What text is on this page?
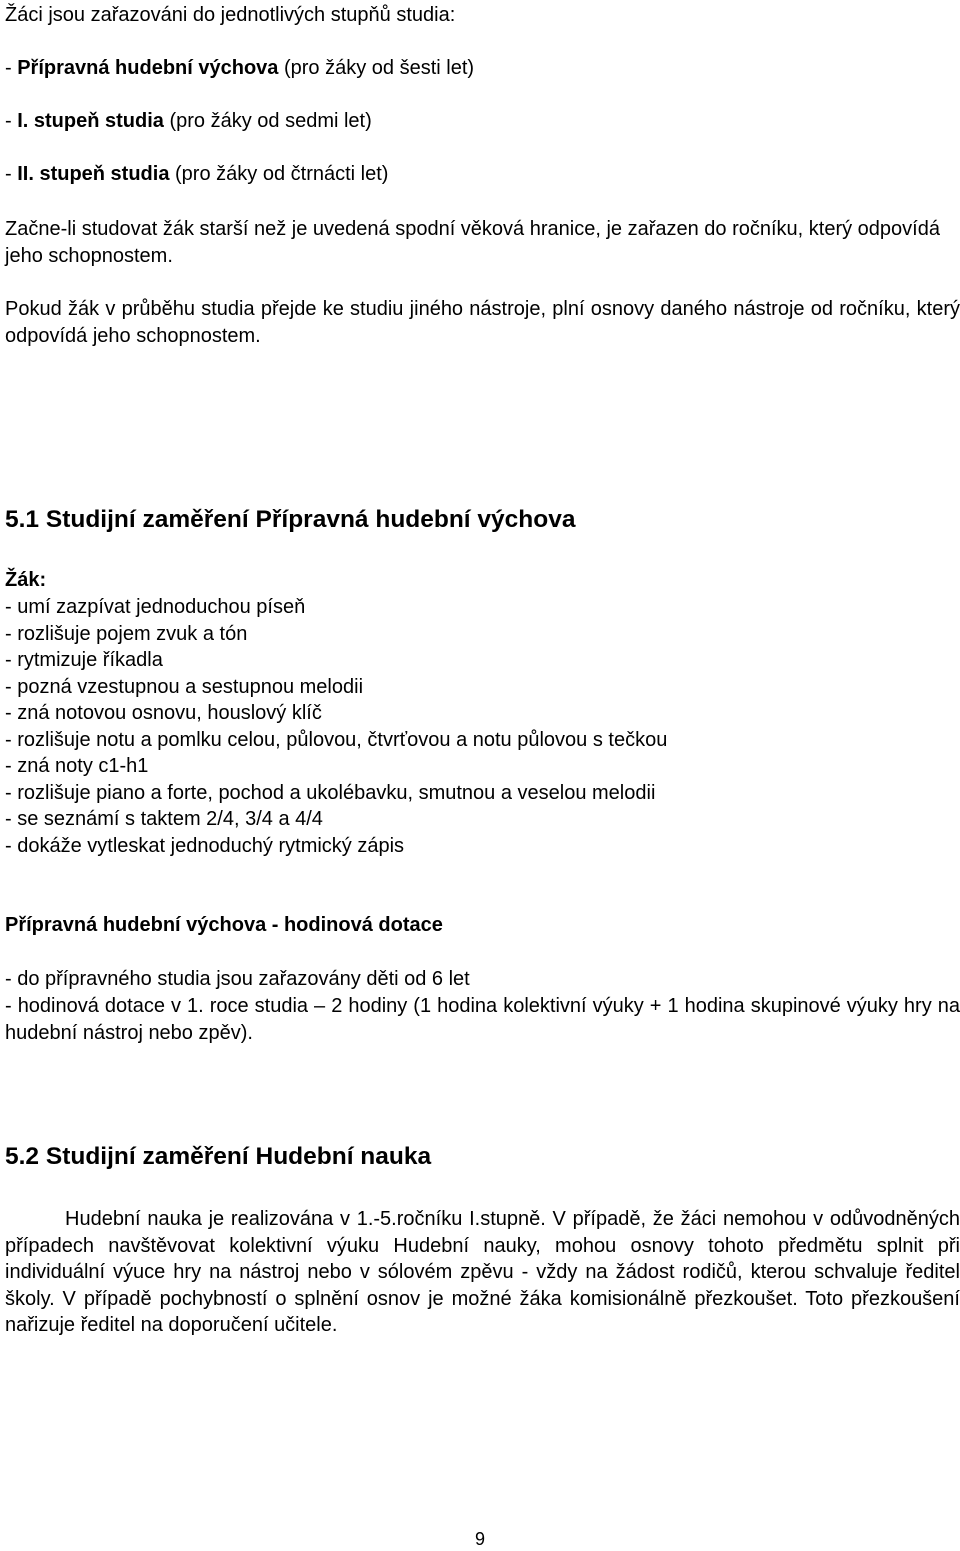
Žáci jsou zařazováni do jednotlivých stupňů studia:

- Přípravná hudební výchova (pro žáky od šesti let)

- I. stupeň studia (pro žáky od sedmi let)

- II. stupeň studia (pro žáky od čtrnácti let)

Začne-li studovat žák starší než je uvedená spodní věková hranice, je zařazen do ročníku, který odpovídá jeho schopnostem.

Pokud žák v průběhu studia přejde ke studiu jiného nástroje, plní osnovy daného nástroje od ročníku, který odpovídá jeho schopnostem.

5.1 Studijní zaměření Přípravná hudební výchova

Žák:

- umí zazpívat jednoduchou píseň
- rozlišuje pojem zvuk a tón
- rytmizuje říkadla
- pozná vzestupnou a sestupnou melodii
- zná notovou osnovu, houslový klíč
- rozlišuje notu a pomlku celou, půlovou, čtvrťovou a notu půlovou s tečkou
- zná noty c1-h1
- rozlišuje piano a forte, pochod a ukolébavku, smutnou a veselou melodii
- se seznámí s taktem 2/4, 3/4 a 4/4
- dokáže vytleskat jednoduchý rytmický zápis

Přípravná hudební výchova - hodinová dotace

- do přípravného studia jsou zařazovány děti od 6 let

- hodinová dotace v 1. roce studia – 2 hodiny (1 hodina kolektivní výuky + 1 hodina skupinové výuky hry na hudební nástroj nebo zpěv).

5.2 Studijní zaměření Hudební nauka

Hudební nauka je realizována v 1.-5.ročníku I.stupně. V případě, že žáci nemohou v odůvodněných případech navštěvovat kolektivní výuku Hudební nauky, mohou osnovy tohoto předmětu splnit při individuální výuce hry na nástroj nebo v sólovém zpěvu - vždy na žádost rodičů, kterou schvaluje ředitel školy. V případě pochybností o splnění osnov je možné žáka komisionálně přezkoušet. Toto přezkoušení nařizuje ředitel na doporučení učitele.

9
